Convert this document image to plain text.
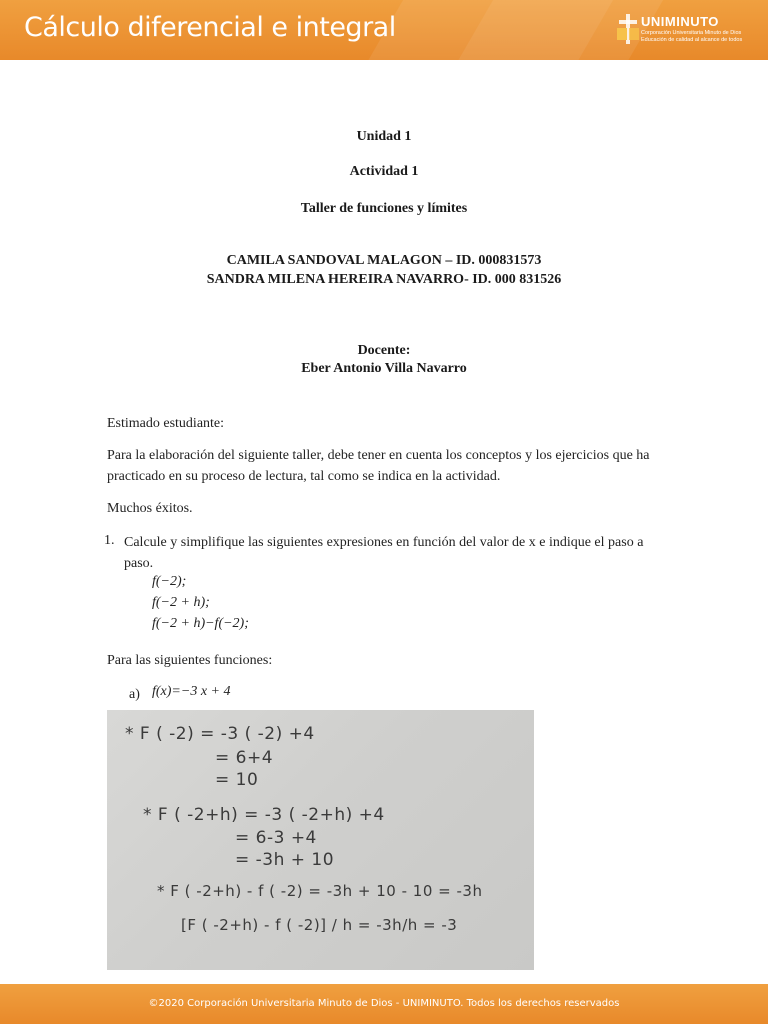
Cálculo diferencial e integral	UNIMINUTO
Corporación Universitaria Minuto de Dios
Educación de calidad al alcance de todos
Unidad 1
Actividad 1
Taller de funciones y límites
CAMILA SANDOVAL MALAGON – ID. 000831573
SANDRA MILENA HEREIRA NAVARRO- ID. 000 831526
Docente:
Eber Antonio Villa Navarro
Estimado estudiante:
Para la elaboración del siguiente taller, debe tener en cuenta los conceptos y los ejercicios que ha practicado en su proceso de lectura, tal como se indica en la actividad.
Muchos éxitos.
1. Calcule y simplifique las siguientes expresiones en función del valor de x e indique el paso a paso.
f(−2);
f(−2 + h);
f(−2 + h)−f(−2);
Para las siguientes funciones:
a) f(x)=−3 x + 4
* F ( -2) = -3 ( -2) +4
= 6+4
= 10
* F ( -2+h) = -3 ( -2+h) +4
= 6-3 +4
= -3h + 10
* F ( -2+h) - f ( -2) = -3h + 10 - 10 = -3h
[F ( -2+h) - f ( -2)] / h = -3h/h = -3
©2020 Corporación Universitaria Minuto de Dios - UNIMINUTO. Todos los derechos reservados
